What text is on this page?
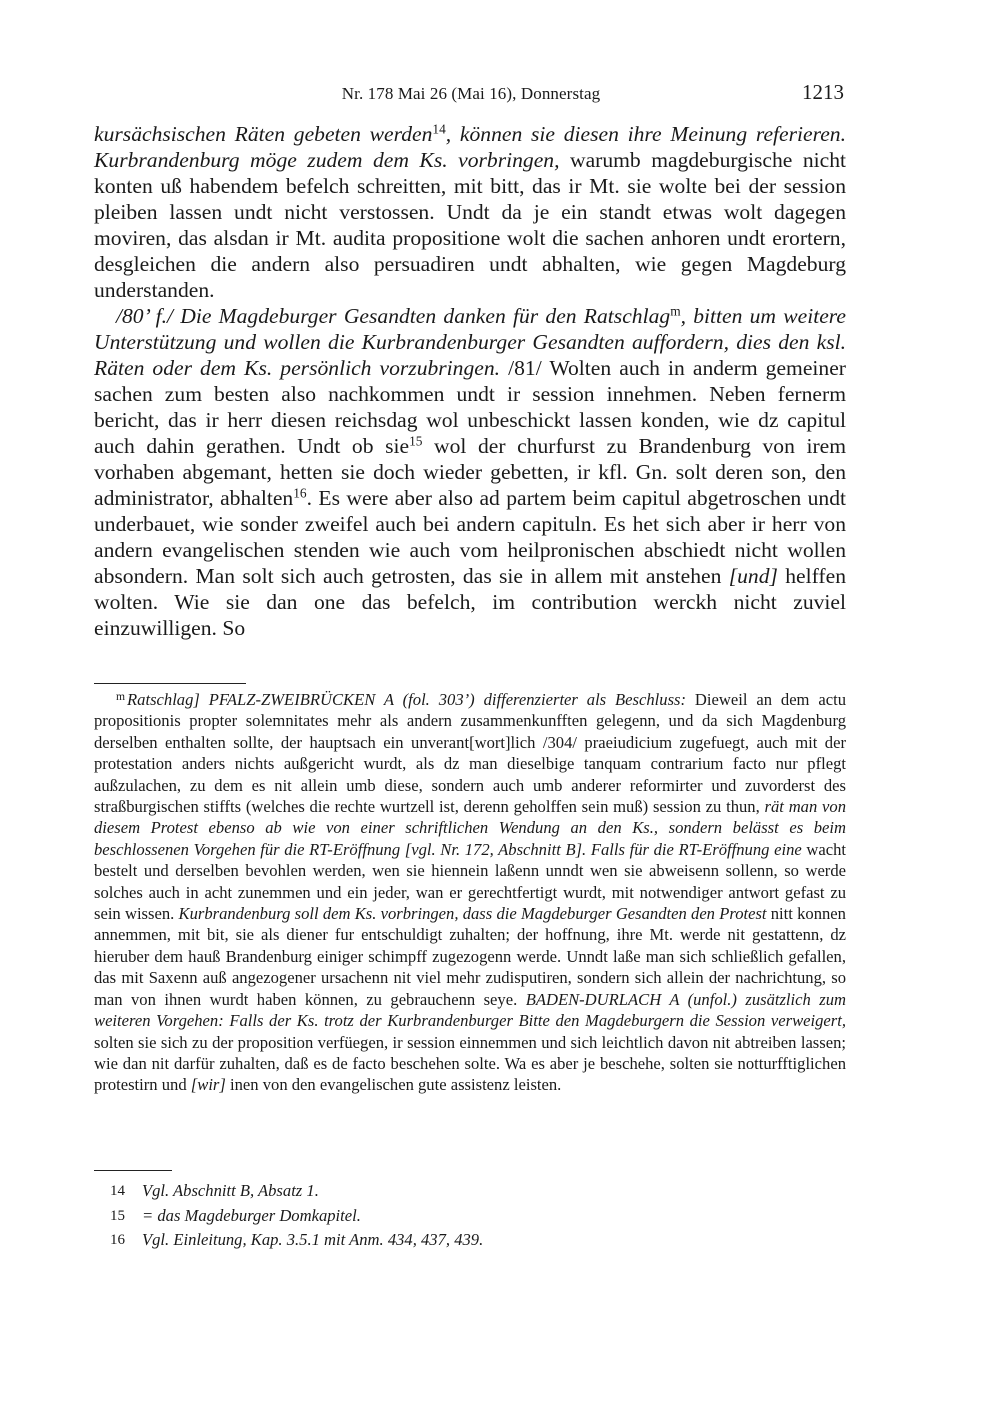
Nr. 178 Mai 26 (Mai 16), Donnerstag	1213

kursächsischen Räten gebeten werden$^{14}$, können sie diesen ihre Meinung referieren. Kurbrandenburg möge zudem dem Ks. vorbringen, warumb magdeburgische nicht konten uß habendem befelch schreitten, mit bitt, das ir Mt. sie wolte bei der session pleiben lassen undt nicht verstossen. Undt da je ein standt etwas wolt dagegen moviren, das alsdan ir Mt. audita propositione wolt die sachen anhoren undt erortern, desgleichen die andern also persuadiren undt abhalten, wie gegen Magdeburg understanden.

/80’ f./ Die Magdeburger Gesandten danken für den Ratschlag$^m$, bitten um weitere Unterstützung und wollen die Kurbrandenburger Gesandten auffordern, dies den ksl. Räten oder dem Ks. persönlich vorzubringen. /81/ Wolten auch in anderm gemeiner sachen zum besten also nachkommen undt ir session innehmen. Neben fernerm bericht, das ir herr diesen reichsdag wol unbeschickt lassen konden, wie dz capitul auch dahin gerathen. Undt ob sie$^{15}$ wol der churfurst zu Brandenburg von irem vorhaben abgemant, hetten sie doch wieder gebetten, ir kfl. Gn. solt deren son, den administrator, abhalten$^{16}$. Es were aber also ad partem beim capitul abgetroschen undt underbauet, wie sonder zweifel auch bei andern capituln. Es het sich aber ir herr von andern evangelischen stenden wie auch vom heilpronischen abschiedt nicht wollen absondern. Man solt sich auch getrosten, das sie in allem mit anstehen [und] helffen wolten. Wie sie dan one das befelch, im contribution werckh nicht zuviel einzuwilligen. So

$^m$ Ratschlag] PFALZ-ZWEIBRÜCKEN A (fol. 303’) differenzierter als Beschluss: Dieweil an dem actu propositionis propter solemnitates mehr als andern zusammenkunfften gelegenn, und da sich Magdenburg derselben enthalten sollte, der hauptsach ein unverant[wort]lich /304/ praeiudicium zugefuegt, auch mit der protestation anders nichts außgericht wurdt, als dz man dieselbige tanquam contrarium facto nur pflegt außzulachen, zu dem es nit allein umb diese, sondern auch umb anderer reformirter und zuvorderst des straßburgischen stiffts (welches die rechte wurtzell ist, derenn geholffen sein muß) session zu thun, rät man von diesem Protest ebenso ab wie von einer schriftlichen Wendung an den Ks., sondern belässt es beim beschlossenen Vorgehen für die RT-Eröffnung [vgl. Nr. 172, Abschnitt B]. Falls für die RT-Eröffnung eine wacht bestelt und derselben bevohlen werden, wen sie hiennein laßenn unndt wen sie abweisenn sollenn, so werde solches auch in acht zunemmen und ein jeder, wan er gerechtfertigt wurdt, mit notwendiger antwort gefast zu sein wissen. Kurbrandenburg soll dem Ks. vorbringen, dass die Magdeburger Gesandten den Protest nitt konnen annemmen, mit bit, sie als diener fur entschuldigt zuhalten; der hoffnung, ihre Mt. werde nit gestattenn, dz hieruber dem hauß Brandenburg einiger schimpff zugezogenn werde. Unndt laße man sich schließlich gefallen, das mit Saxenn auß angezogener ursachenn nit viel mehr zudisputiren, sondern sich allein der nachrichtung, so man von ihnen wurdt haben können, zu gebrauchenn seye. BADEN-DURLACH A (unfol.) zusätzlich zum weiteren Vorgehen: Falls der Ks. trotz der Kurbrandenburger Bitte den Magdeburgern die Session verweigert, solten sie sich zu der proposition verfüegen, ir session einnemmen und sich leichtlich davon nit abtreiben lassen; wie dan nit darfür zuhalten, daß es de facto beschehen solte. Wa es aber je beschehe, solten sie notturfftiglichen protestirn und [wir] inen von den evangelischen gute assistenz leisten.

14	Vgl. Abschnitt B, Absatz 1.
15	= das Magdeburger Domkapitel.
16	Vgl. Einleitung, Kap. 3.5.1 mit Anm. 434, 437, 439.
